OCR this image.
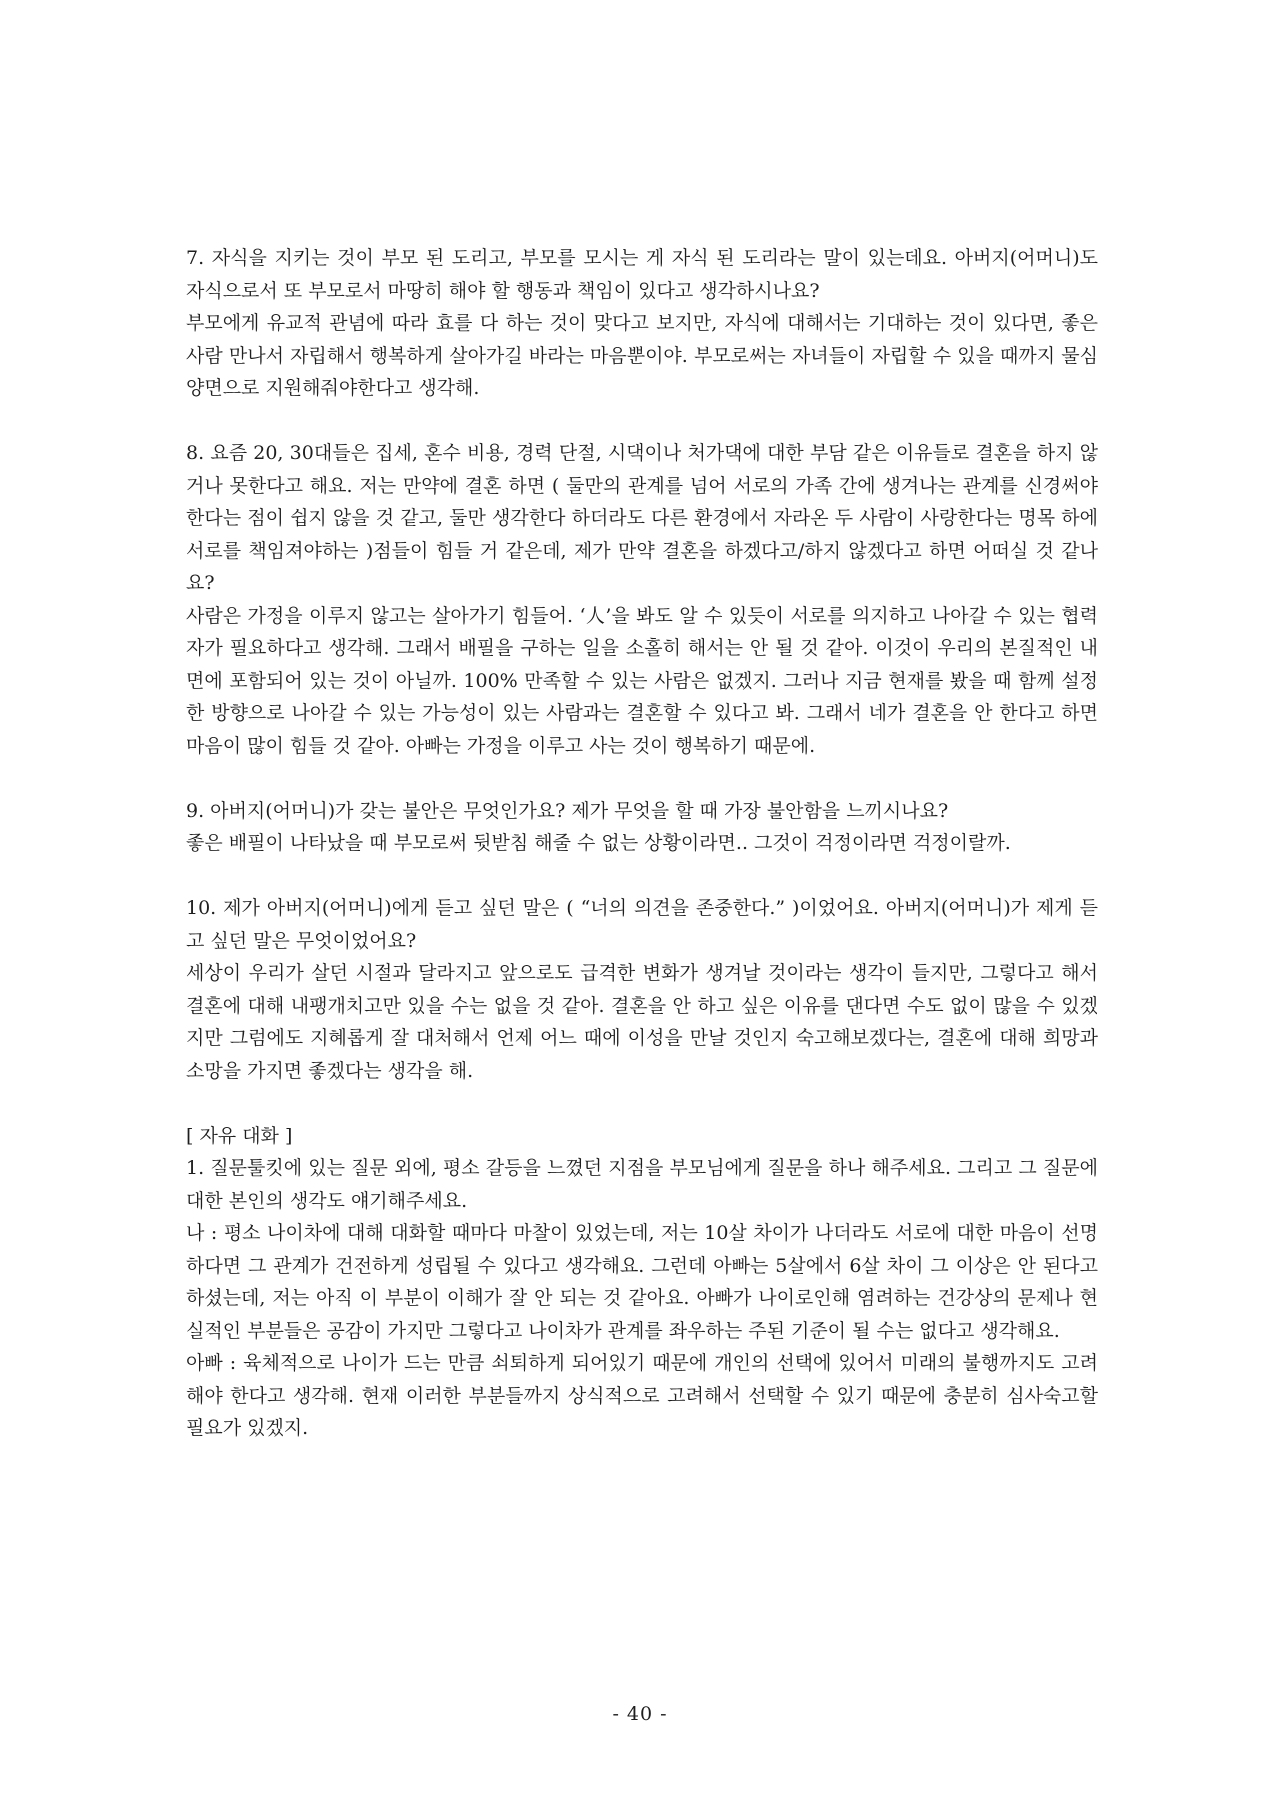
7. 자식을 지키는 것이 부모 된 도리고, 부모를 모시는 게 자식 된 도리라는 말이 있는데요. 아버지(어머니)도 자식으로서 또 부모로서 마땅히 해야 할 행동과 책임이 있다고 생각하시나요?

부모에게 유교적 관념에 따라 효를 다 하는 것이 맞다고 보지만, 자식에 대해서는 기대하는 것이 있다면, 좋은 사람 만나서 자립해서 행복하게 살아가길 바라는 마음뿐이야. 부모로써는 자녀들이 자립할 수 있을 때까지 물심양면으로 지원해줘야한다고 생각해.

8. 요즘 20, 30대들은 집세, 혼수 비용, 경력 단절, 시댁이나 처가댁에 대한 부담 같은 이유들로 결혼을 하지 않거나 못한다고 해요. 저는 만약에 결혼 하면 ( 둘만의 관계를 넘어 서로의 가족 간에 생겨나는 관계를 신경써야한다는 점이 쉽지 않을 것 같고, 둘만 생각한다 하더라도 다른 환경에서 자라온 두 사람이 사랑한다는 명목 하에 서로를 책임져야하는 )점들이 힘들 거 같은데, 제가 만약 결혼을 하겠다고/하지 않겠다고 하면 어떠실 것 같나요?

사람은 가정을 이루지 않고는 살아가기 힘들어. ‘人’을 봐도 알 수 있듯이 서로를 의지하고 나아갈 수 있는 협력자가 필요하다고 생각해. 그래서 배필을 구하는 일을 소홀히 해서는 안 될 것 같아. 이것이 우리의 본질적인 내면에 포함되어 있는 것이 아닐까. 100% 만족할 수 있는 사람은 없겠지. 그러나 지금 현재를 봤을 때 함께 설정한 방향으로 나아갈 수 있는 가능성이 있는 사람과는 결혼할 수 있다고 봐. 그래서 네가 결혼을 안 한다고 하면 마음이 많이 힘들 것 같아. 아빠는 가정을 이루고 사는 것이 행복하기 때문에.

9. 아버지(어머니)가 갖는 불안은 무엇인가요? 제가 무엇을 할 때 가장 불안함을 느끼시나요?

좋은 배필이 나타났을 때 부모로써 뒷받침 해줄 수 없는 상황이라면.. 그것이 걱정이라면 걱정이랄까.

10. 제가 아버지(어머니)에게 듣고 싶던 말은 ( “너의 의견을 존중한다.” )이었어요. 아버지(어머니)가 제게 듣고 싶던 말은 무엇이었어요?

세상이 우리가 살던 시절과 달라지고 앞으로도 급격한 변화가 생겨날 것이라는 생각이 들지만, 그렇다고 해서 결혼에 대해 내팽개치고만 있을 수는 없을 것 같아. 결혼을 안 하고 싶은 이유를 댄다면 수도 없이 많을 수 있겠지만 그럼에도 지혜롭게 잘 대처해서 언제 어느 때에 이성을 만날 것인지 숙고해보겠다는, 결혼에 대해 희망과 소망을 가지면 좋겠다는 생각을 해.

[ 자유 대화 ]

1. 질문툴킷에 있는 질문 외에, 평소 갈등을 느꼈던 지점을 부모님에게 질문을 하나 해주세요. 그리고 그 질문에 대한 본인의 생각도 얘기해주세요.

나 : 평소 나이차에 대해 대화할 때마다 마찰이 있었는데, 저는 10살 차이가 나더라도 서로에 대한 마음이 선명하다면 그 관계가 건전하게 성립될 수 있다고 생각해요. 그런데 아빠는 5살에서 6살 차이 그 이상은 안 된다고 하셨는데, 저는 아직 이 부분이 이해가 잘 안 되는 것 같아요. 아빠가 나이로인해 염려하는 건강상의 문제나 현실적인 부분들은 공감이 가지만 그렇다고 나이차가 관계를 좌우하는 주된 기준이 될 수는 없다고 생각해요.

아빠 : 육체적으로 나이가 드는 만큼 쇠퇴하게 되어있기 때문에 개인의 선택에 있어서 미래의 불행까지도 고려해야 한다고 생각해. 현재 이러한 부분들까지 상식적으로 고려해서 선택할 수 있기 때문에 충분히 심사숙고할 필요가 있겠지.

- 40 -
